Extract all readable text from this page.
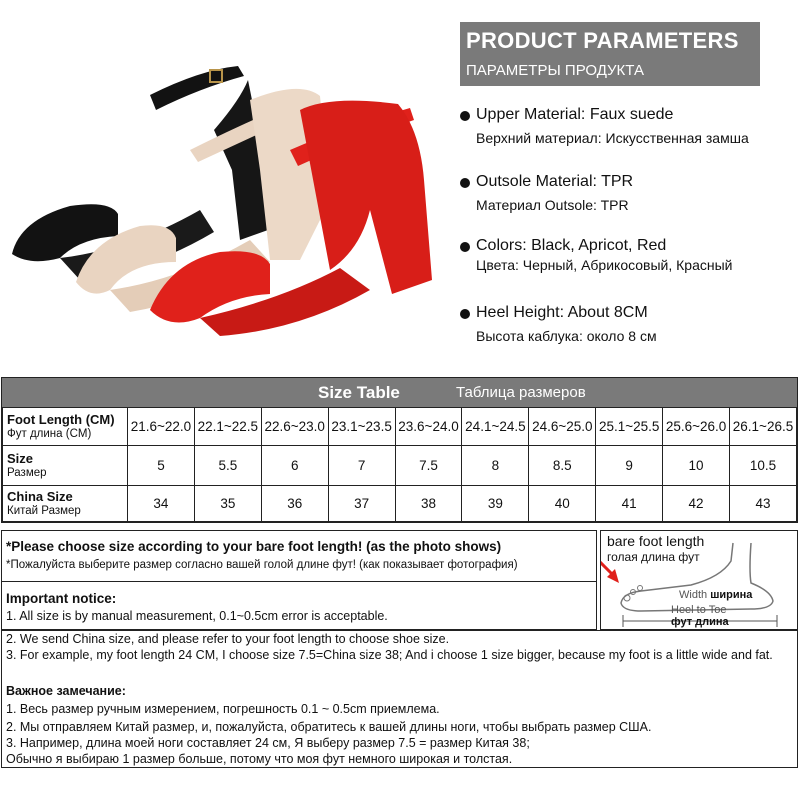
PRODUCT PARAMETERS
ПАРАМЕТРЫ ПРОДУКТА
Upper Material: Faux suede
Верхний материал: Искусственная замша
Outsole Material: TPR
Материал Outsole: TPR
Colors: Black, Apricot, Red
Цвета: Черный, Абрикосовый, Красный
Heel Height: About 8CM
Высота каблука: около 8 см
Size Table	Таблица размеров
Foot Length (CM)
Фут длина (CM)	21.6~22.0	22.1~22.5	22.6~23.0	23.1~23.5	23.6~24.0	24.1~24.5	24.6~25.0	25.1~25.5	25.6~26.0	26.1~26.5

Size
Размер	5	5.5	6	7	7.5	8	8.5	9	10	10.5

China Size
Китай Размер	34	35	36	37	38	39	40	41	42	43
*Please choose size according to your bare foot length! (as the photo shows)
*Пожалуйста выберите размер согласно вашей голой длине фут! (как показывает фотография)
Important notice:
1. All size is by manual measurement, 0.1~0.5cm error is acceptable.
bare foot length
голая длина фут
Width ширина
Heel to Toe
фут длина
2. We send China size, and please refer to your foot length to choose shoe size.
3. For example, my foot length 24 CM, I choose size 7.5=China size 38; And i choose 1 size bigger, because my foot is a little wide and fat.
Важное замечание:
1. Весь размер ручным измерением, погрешность 0.1 ~ 0.5cm приемлема.
2. Мы отправляем Китай размер, и, пожалуйста, обратитесь к вашей длины ноги, чтобы выбрать размер США.
3. Например, длина моей ноги составляет 24 см, Я выберу размер 7.5 = размер Китая 38;
Обычно я выбираю 1 размер больше, потому что моя фут немного широкая и толстая.
